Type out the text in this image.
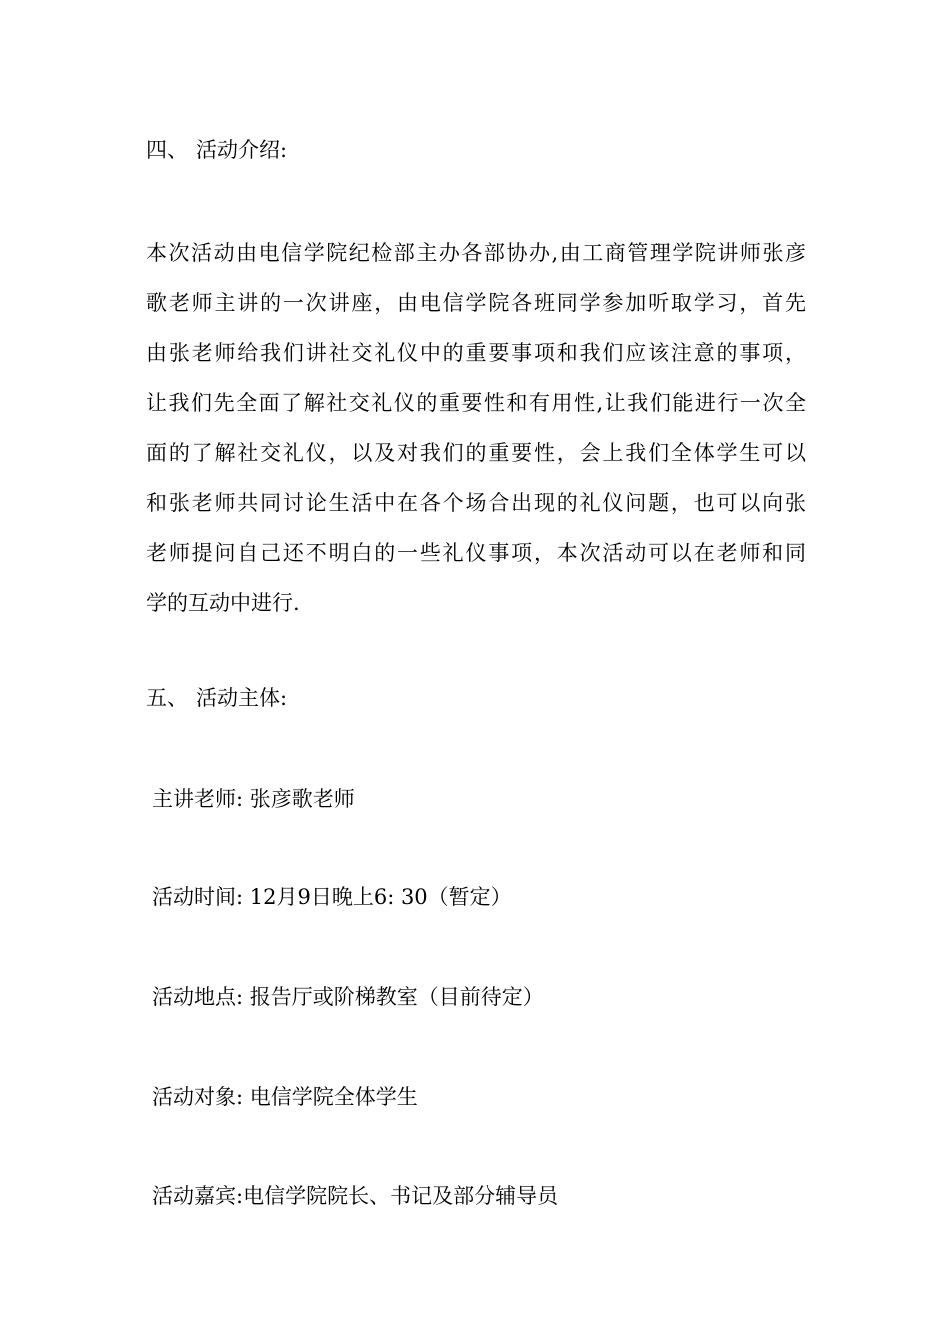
四、 活动介绍:
本次活动由电信学院纪检部主办各部协办,由工商管理学院讲师张彦
歌老师主讲的一次讲座，由电信学院各班同学参加听取学习，首先
由张老师给我们讲社交礼仪中的重要事项和我们应该注意的事项，
让我们先全面了解社交礼仪的重要性和有用性,让我们能进行一次全
面的了解社交礼仪，以及对我们的重要性，会上我们全体学生可以
和张老师共同讨论生活中在各个场合出现的礼仪问题，也可以向张
老师提问自己还不明白的一些礼仪事项，本次活动可以在老师和同
学的互动中进行.
五、 活动主体:
主讲老师: 张彦歌老师
活动时间: 12月9日晚上6: 30（暂定）
活动地点: 报告厅或阶梯教室（目前待定）
活动对象: 电信学院全体学生
活动嘉宾:电信学院院长、书记及部分辅导员
